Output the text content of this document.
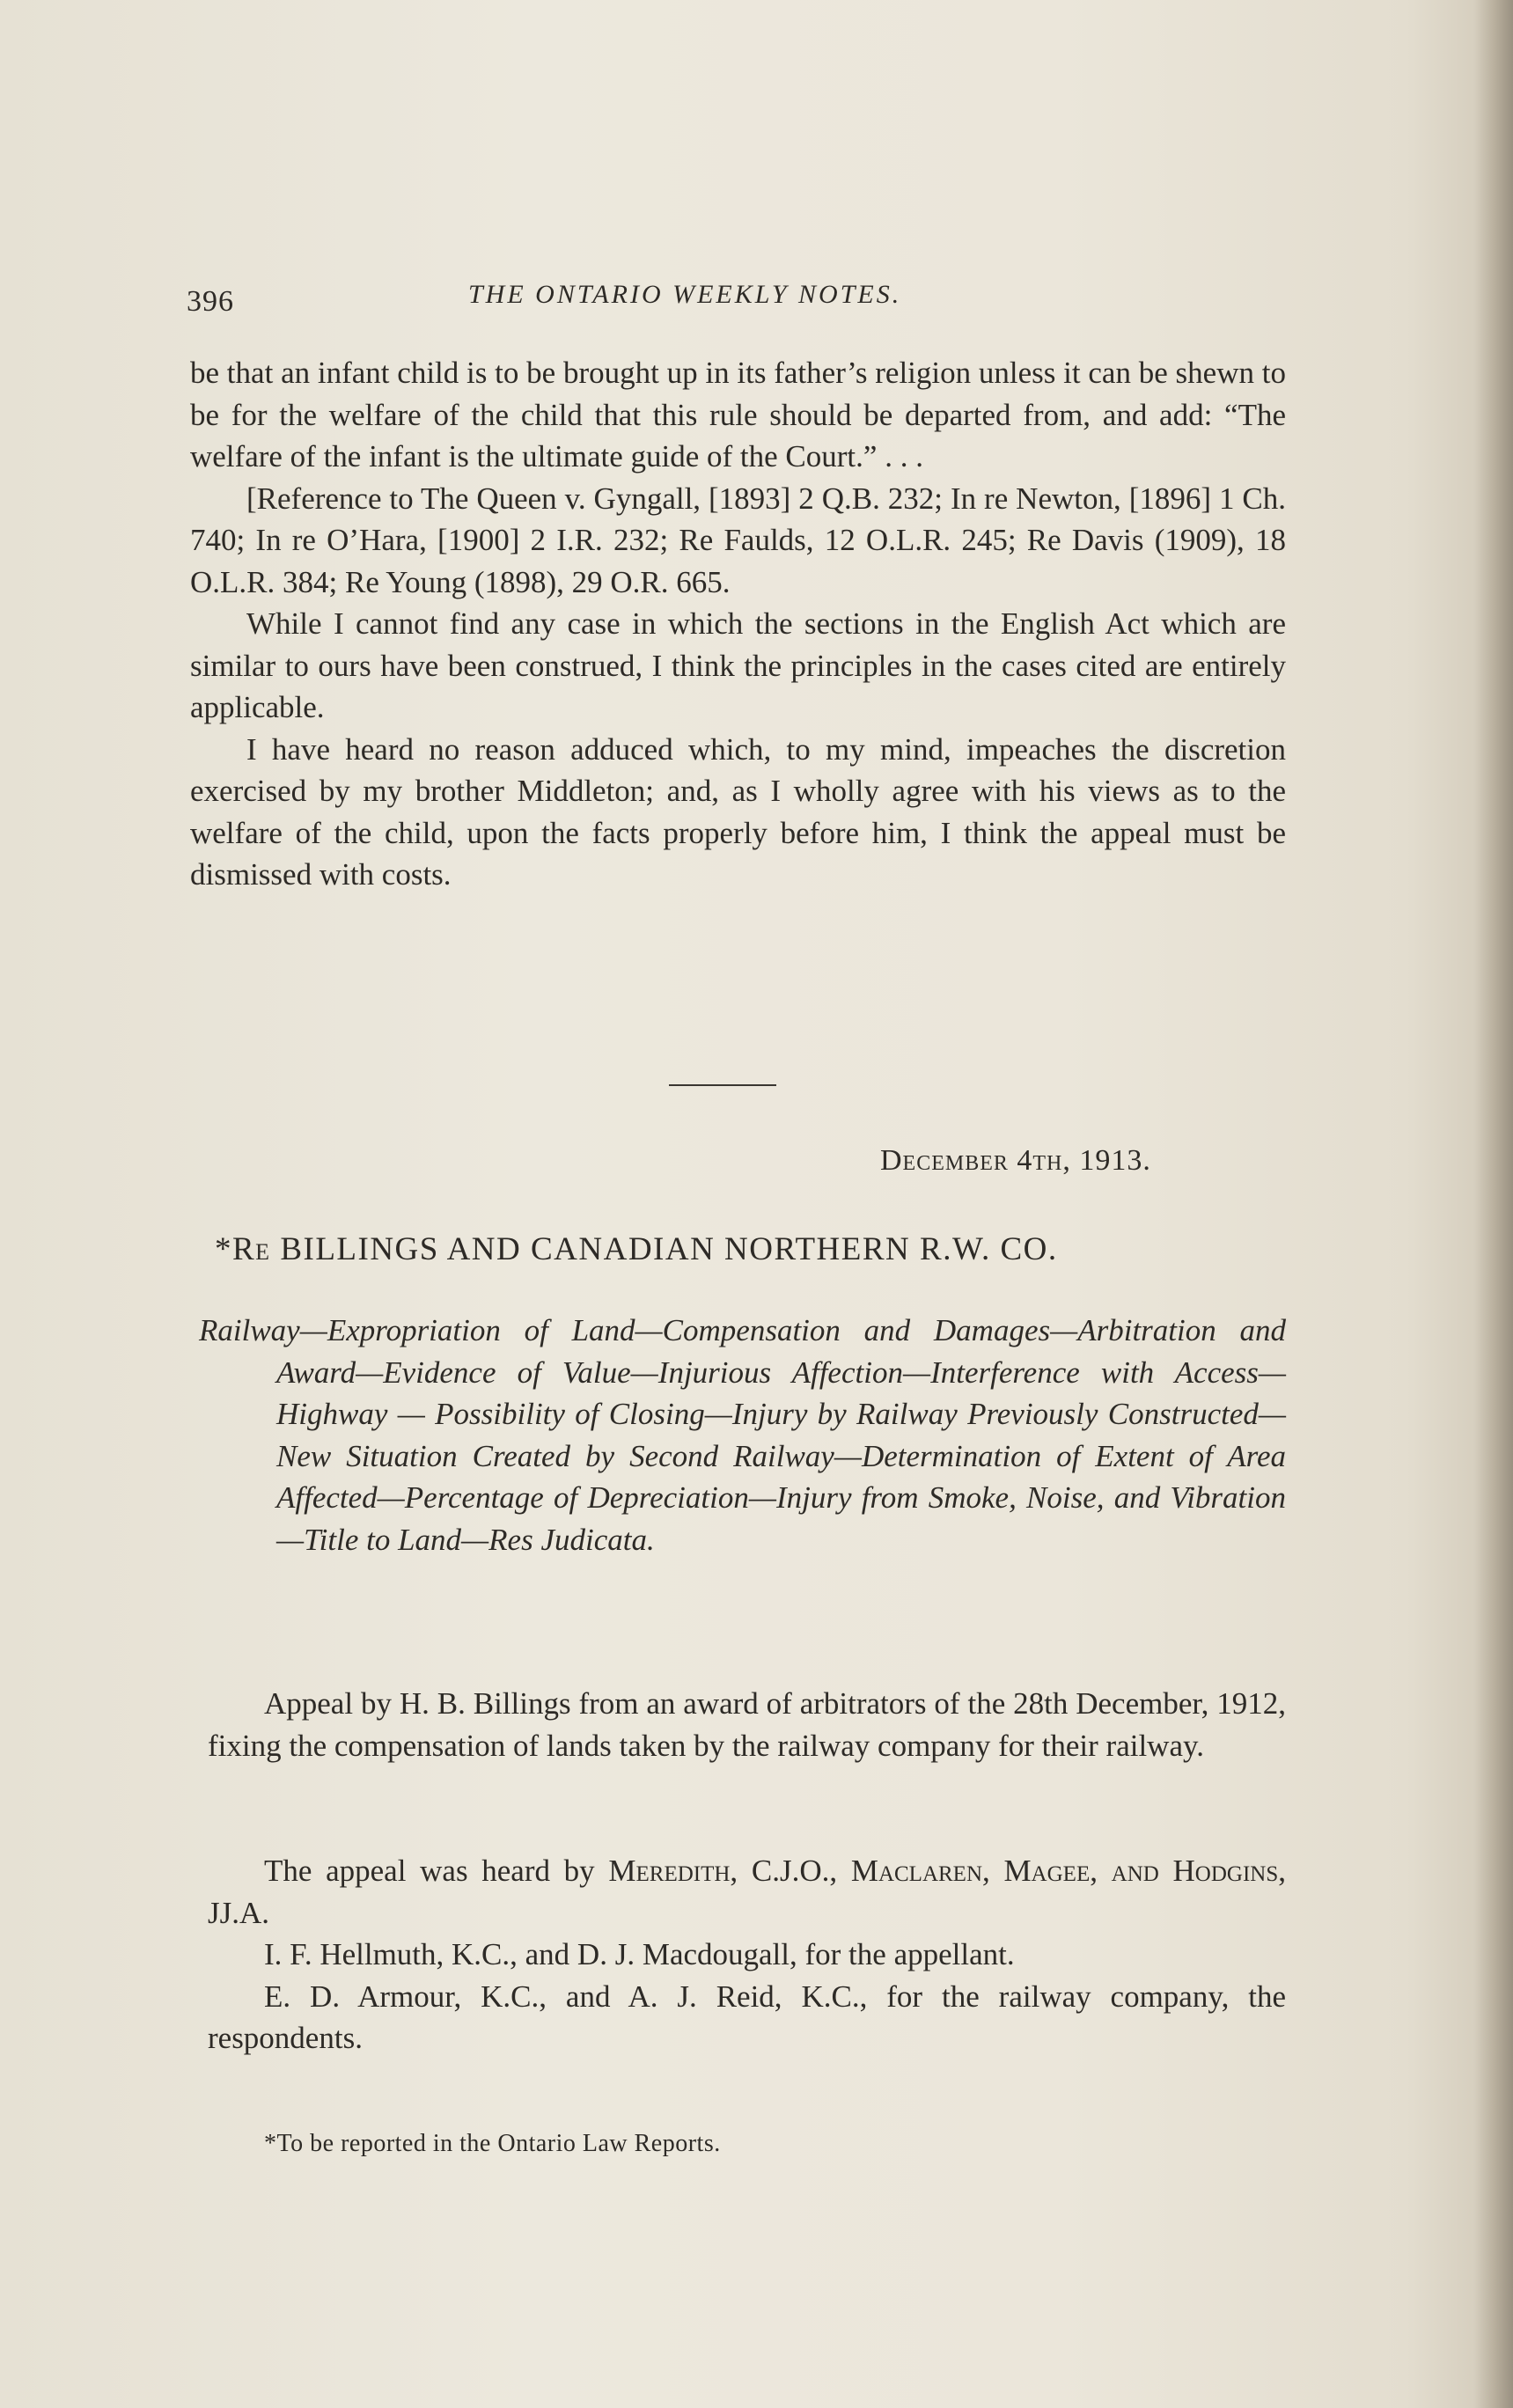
396	THE ONTARIO WEEKLY NOTES.

be that an infant child is to be brought up in its father’s religion unless it can be shewn to be for the welfare of the child that this rule should be departed from, and add: “The welfare of the infant is the ultimate guide of the Court.” . . .

[Reference to The Queen v. Gyngall, [1893] 2 Q.B. 232; In re Newton, [1896] 1 Ch. 740; In re O’Hara, [1900] 2 I.R. 232; Re Faulds, 12 O.L.R. 245; Re Davis (1909), 18 O.L.R. 384; Re Young (1898), 29 O.R. 665.

While I cannot find any case in which the sections in the English Act which are similar to ours have been construed, I think the principles in the cases cited are entirely applicable.

I have heard no reason adduced which, to my mind, impeaches the discretion exercised by my brother Middleton; and, as I wholly agree with his views as to the welfare of the child, upon the facts properly before him, I think the appeal must be dismissed with costs.

December 4th, 1913.
*Re BILLINGS AND CANADIAN NORTHERN R.W. CO.

Railway—Expropriation of Land—Compensation and Damages—Arbitration and Award—Evidence of Value—Injurious Affection—Interference with Access—Highway — Possibility of Closing—Injury by Railway Previously Constructed—New Situation Created by Second Railway—Determination of Extent of Area Affected—Percentage of Depreciation—Injury from Smoke, Noise, and Vibration—Title to Land—Res Judicata.

Appeal by H. B. Billings from an award of arbitrators of the 28th December, 1912, fixing the compensation of lands taken by the railway company for their railway.

The appeal was heard by Meredith, C.J.O., Maclaren, Magee, and Hodgins, JJ.A.

I. F. Hellmuth, K.C., and D. J. Macdougall, for the appellant.

E. D. Armour, K.C., and A. J. Reid, K.C., for the railway company, the respondents.

*To be reported in the Ontario Law Reports.
